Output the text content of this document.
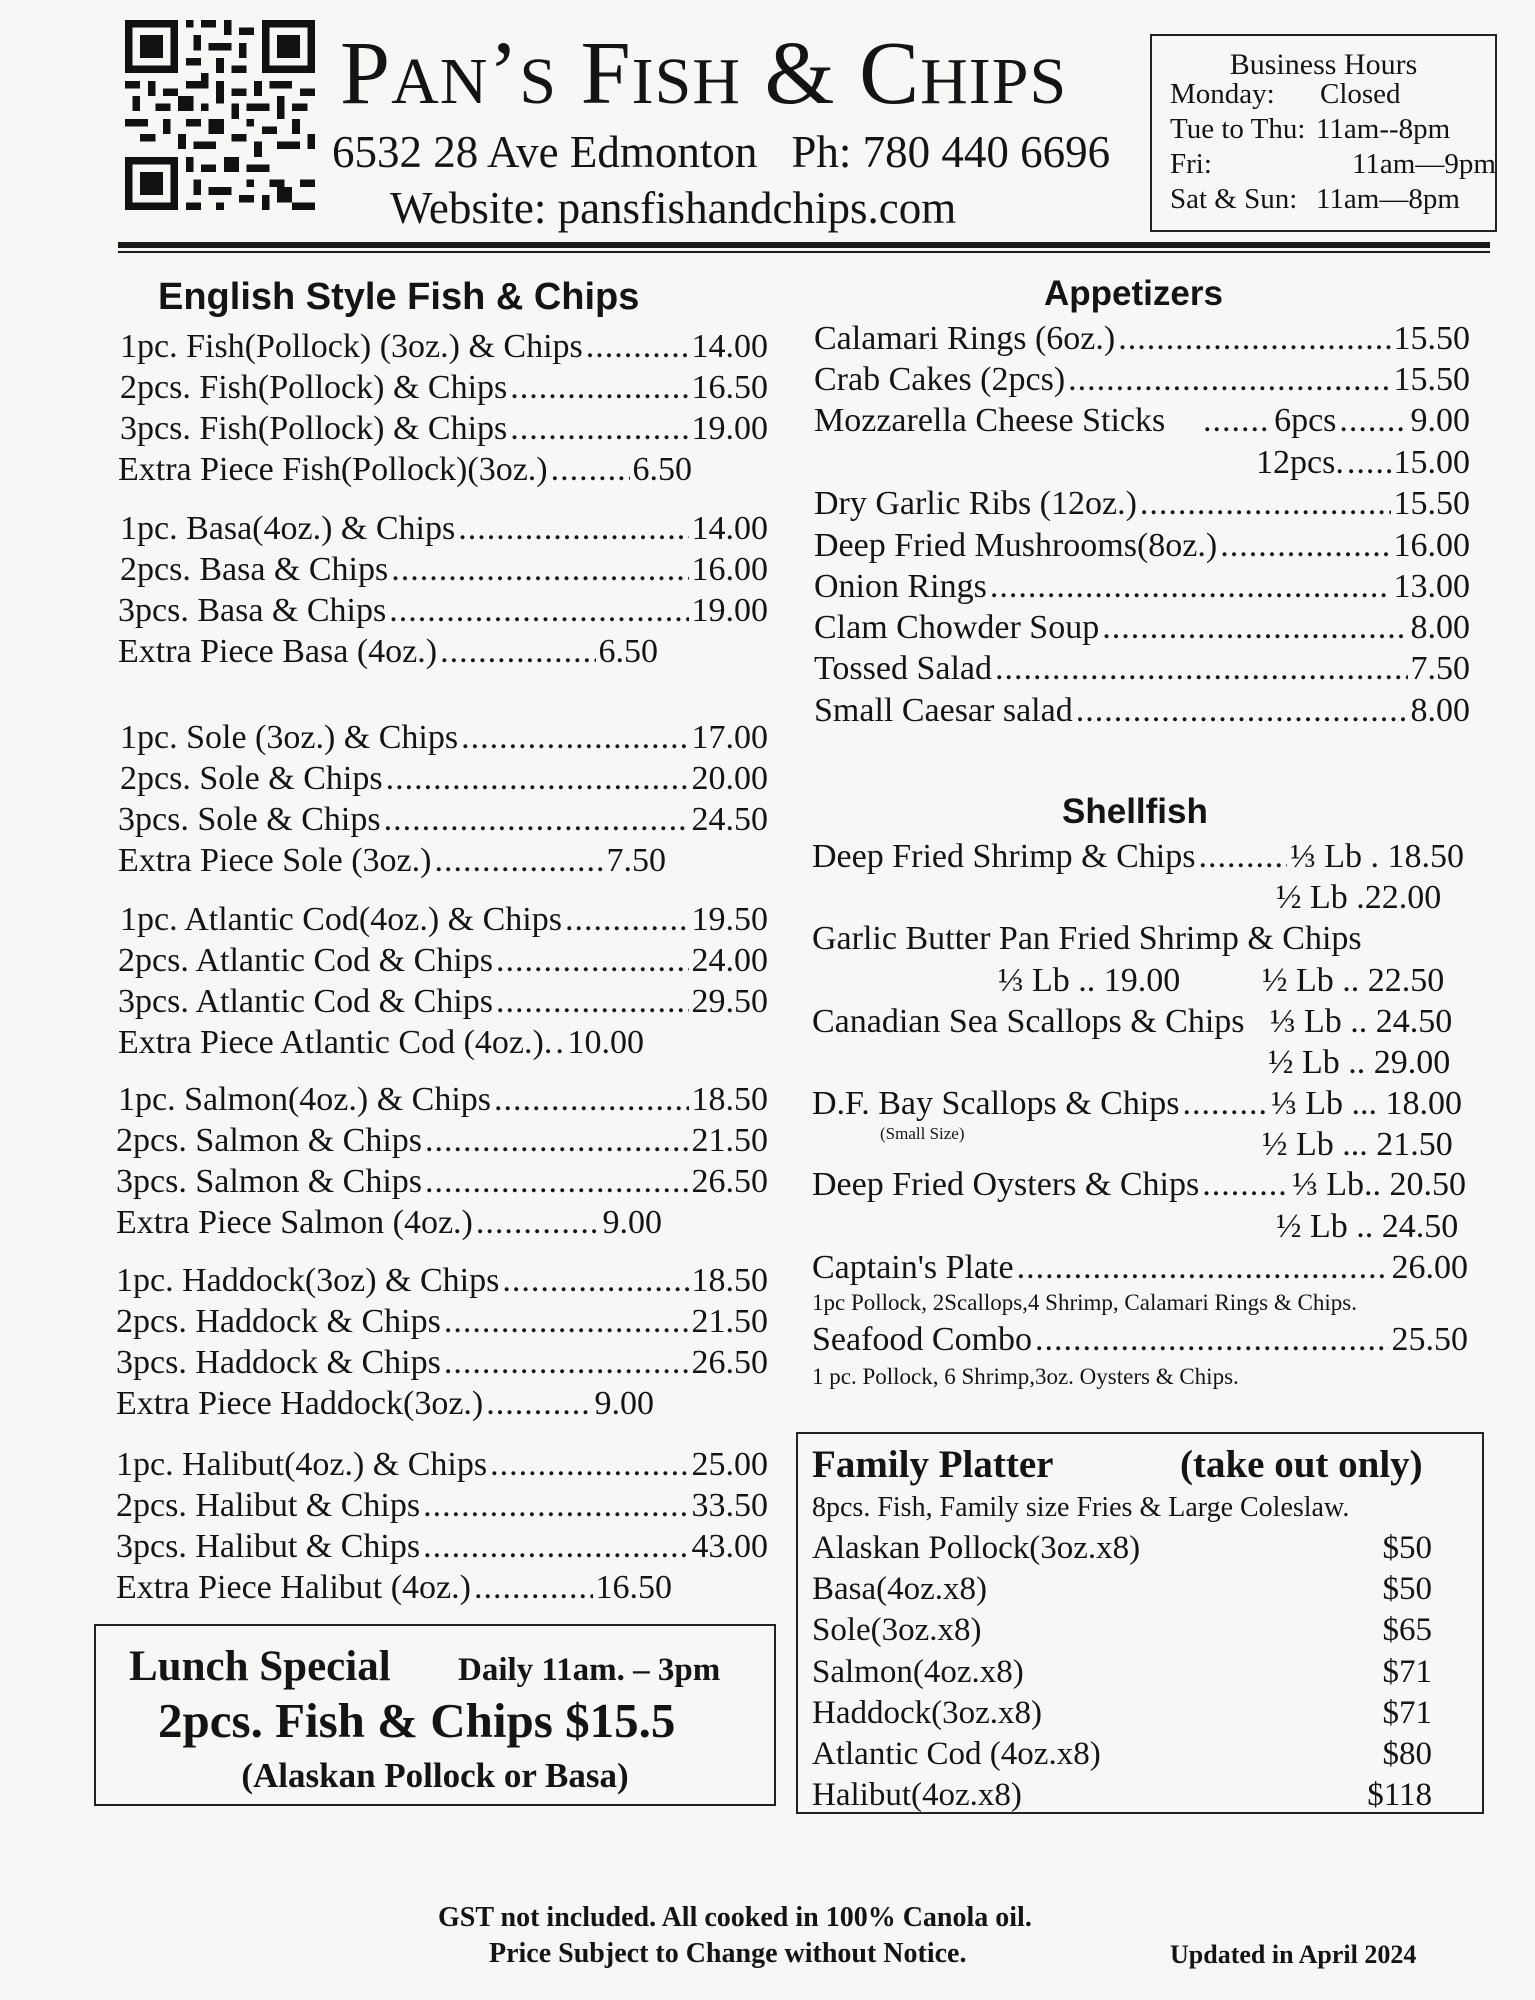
PAN’S FISH & CHIPS
6532 28 Ave Edmonton Ph: 780 440 6696
Website: pansfishandchips.com
Business Hours
Monday: Closed
Tue to Thu: 11am--8pm
Fri:	11am—9pm
Sat & Sun: 11am—8pm
English Style Fish & Chips
1pc. Fish(Pollock) (3oz.) & Chips .....	14.00
2pcs. Fish(Pollock) & Chips .....	16.50
3pcs. Fish(Pollock) & Chips .....	19.00
Extra Piece Fish(Pollock)(3oz.) ..... 6.50
1pc. Basa(4oz.) & Chips .....	14.00
2pcs. Basa & Chips .....	16.00
3pcs. Basa & Chips .....	19.00
Extra Piece Basa (4oz.) .....	6.50
1pc. Sole (3oz.) & Chips .....	17.00
2pcs. Sole & Chips .....	20.00
3pcs. Sole & Chips .....	24.50
Extra Piece Sole (3oz.) .....	7.50
1pc. Atlantic Cod(4oz.) & Chips .....	19.50
2pcs. Atlantic Cod & Chips .....	24.00
3pcs. Atlantic Cod & Chips .....	29.50
Extra Piece Atlantic Cod (4oz.). ..... 10.00
1pc. Salmon(4oz.) & Chips .....	18.50
2pcs. Salmon & Chips .....	21.50
3pcs. Salmon & Chips .....	26.50
Extra Piece Salmon (4oz.) .....	9.00
1pc. Haddock(3oz) & Chips .....	18.50
2pcs. Haddock & Chips .....	21.50
3pcs. Haddock & Chips .....	26.50
Extra Piece Haddock(3oz.) .....	9.00
1pc. Halibut(4oz.) & Chips .....	25.00
2pcs. Halibut & Chips .....	33.50
3pcs. Halibut & Chips .....	43.00
Extra Piece Halibut (4oz.) .....	16.50
Appetizers
Calamari Rings (6oz.) .....	15.50
Crab Cakes (2pcs) .....	15.50
Mozzarella Cheese Sticks .....	6pcs ..... 9.00
12pcs. ..... 15.00
Dry Garlic Ribs (12oz.) .....	15.50
Deep Fried Mushrooms(8oz.) .....	16.00
Onion Rings .....	13.00
Clam Chowder Soup .....	8.00
Tossed Salad .....	7.50
Small Caesar salad .....	8.00
Shellfish
Deep Fried Shrimp & Chips .....	⅓ Lb . 18.50
½ Lb .22.00
Garlic Butter Pan Fried Shrimp & Chips
⅓ Lb .. 19.00 ½ Lb .. 22.50
Canadian Sea Scallops & Chips ⅓ Lb .. 24.50
½ Lb .. 29.00
D.F. Bay Scallops & Chips .....	⅓ Lb ... 18.00
(Small Size)	½ Lb ... 21.50
Deep Fried Oysters & Chips .....	⅓ Lb.. 20.50
½ Lb .. 24.50
Captain's Plate .....	26.00
1pc Pollock, 2Scallops,4 Shrimp, Calamari Rings & Chips.
Seafood Combo .....	25.50
1 pc. Pollock, 6 Shrimp,3oz. Oysters & Chips.
Family Platter	(take out only)
8pcs. Fish, Family size Fries & Large Coleslaw.
Alaskan Pollock(3oz.x8)	$50
Basa(4oz.x8)	$50
Sole(3oz.x8)	$65
Salmon(4oz.x8)	$71
Haddock(3oz.x8)	$71
Atlantic Cod (4oz.x8)	$80
Halibut(4oz.x8)	$118
Lunch Special Daily 11am. – 3pm
2pcs. Fish & Chips $15.5
(Alaskan Pollock or Basa)
GST not included. All cooked in 100% Canola oil.
Price Subject to Change without Notice.	Updated in April 2024
